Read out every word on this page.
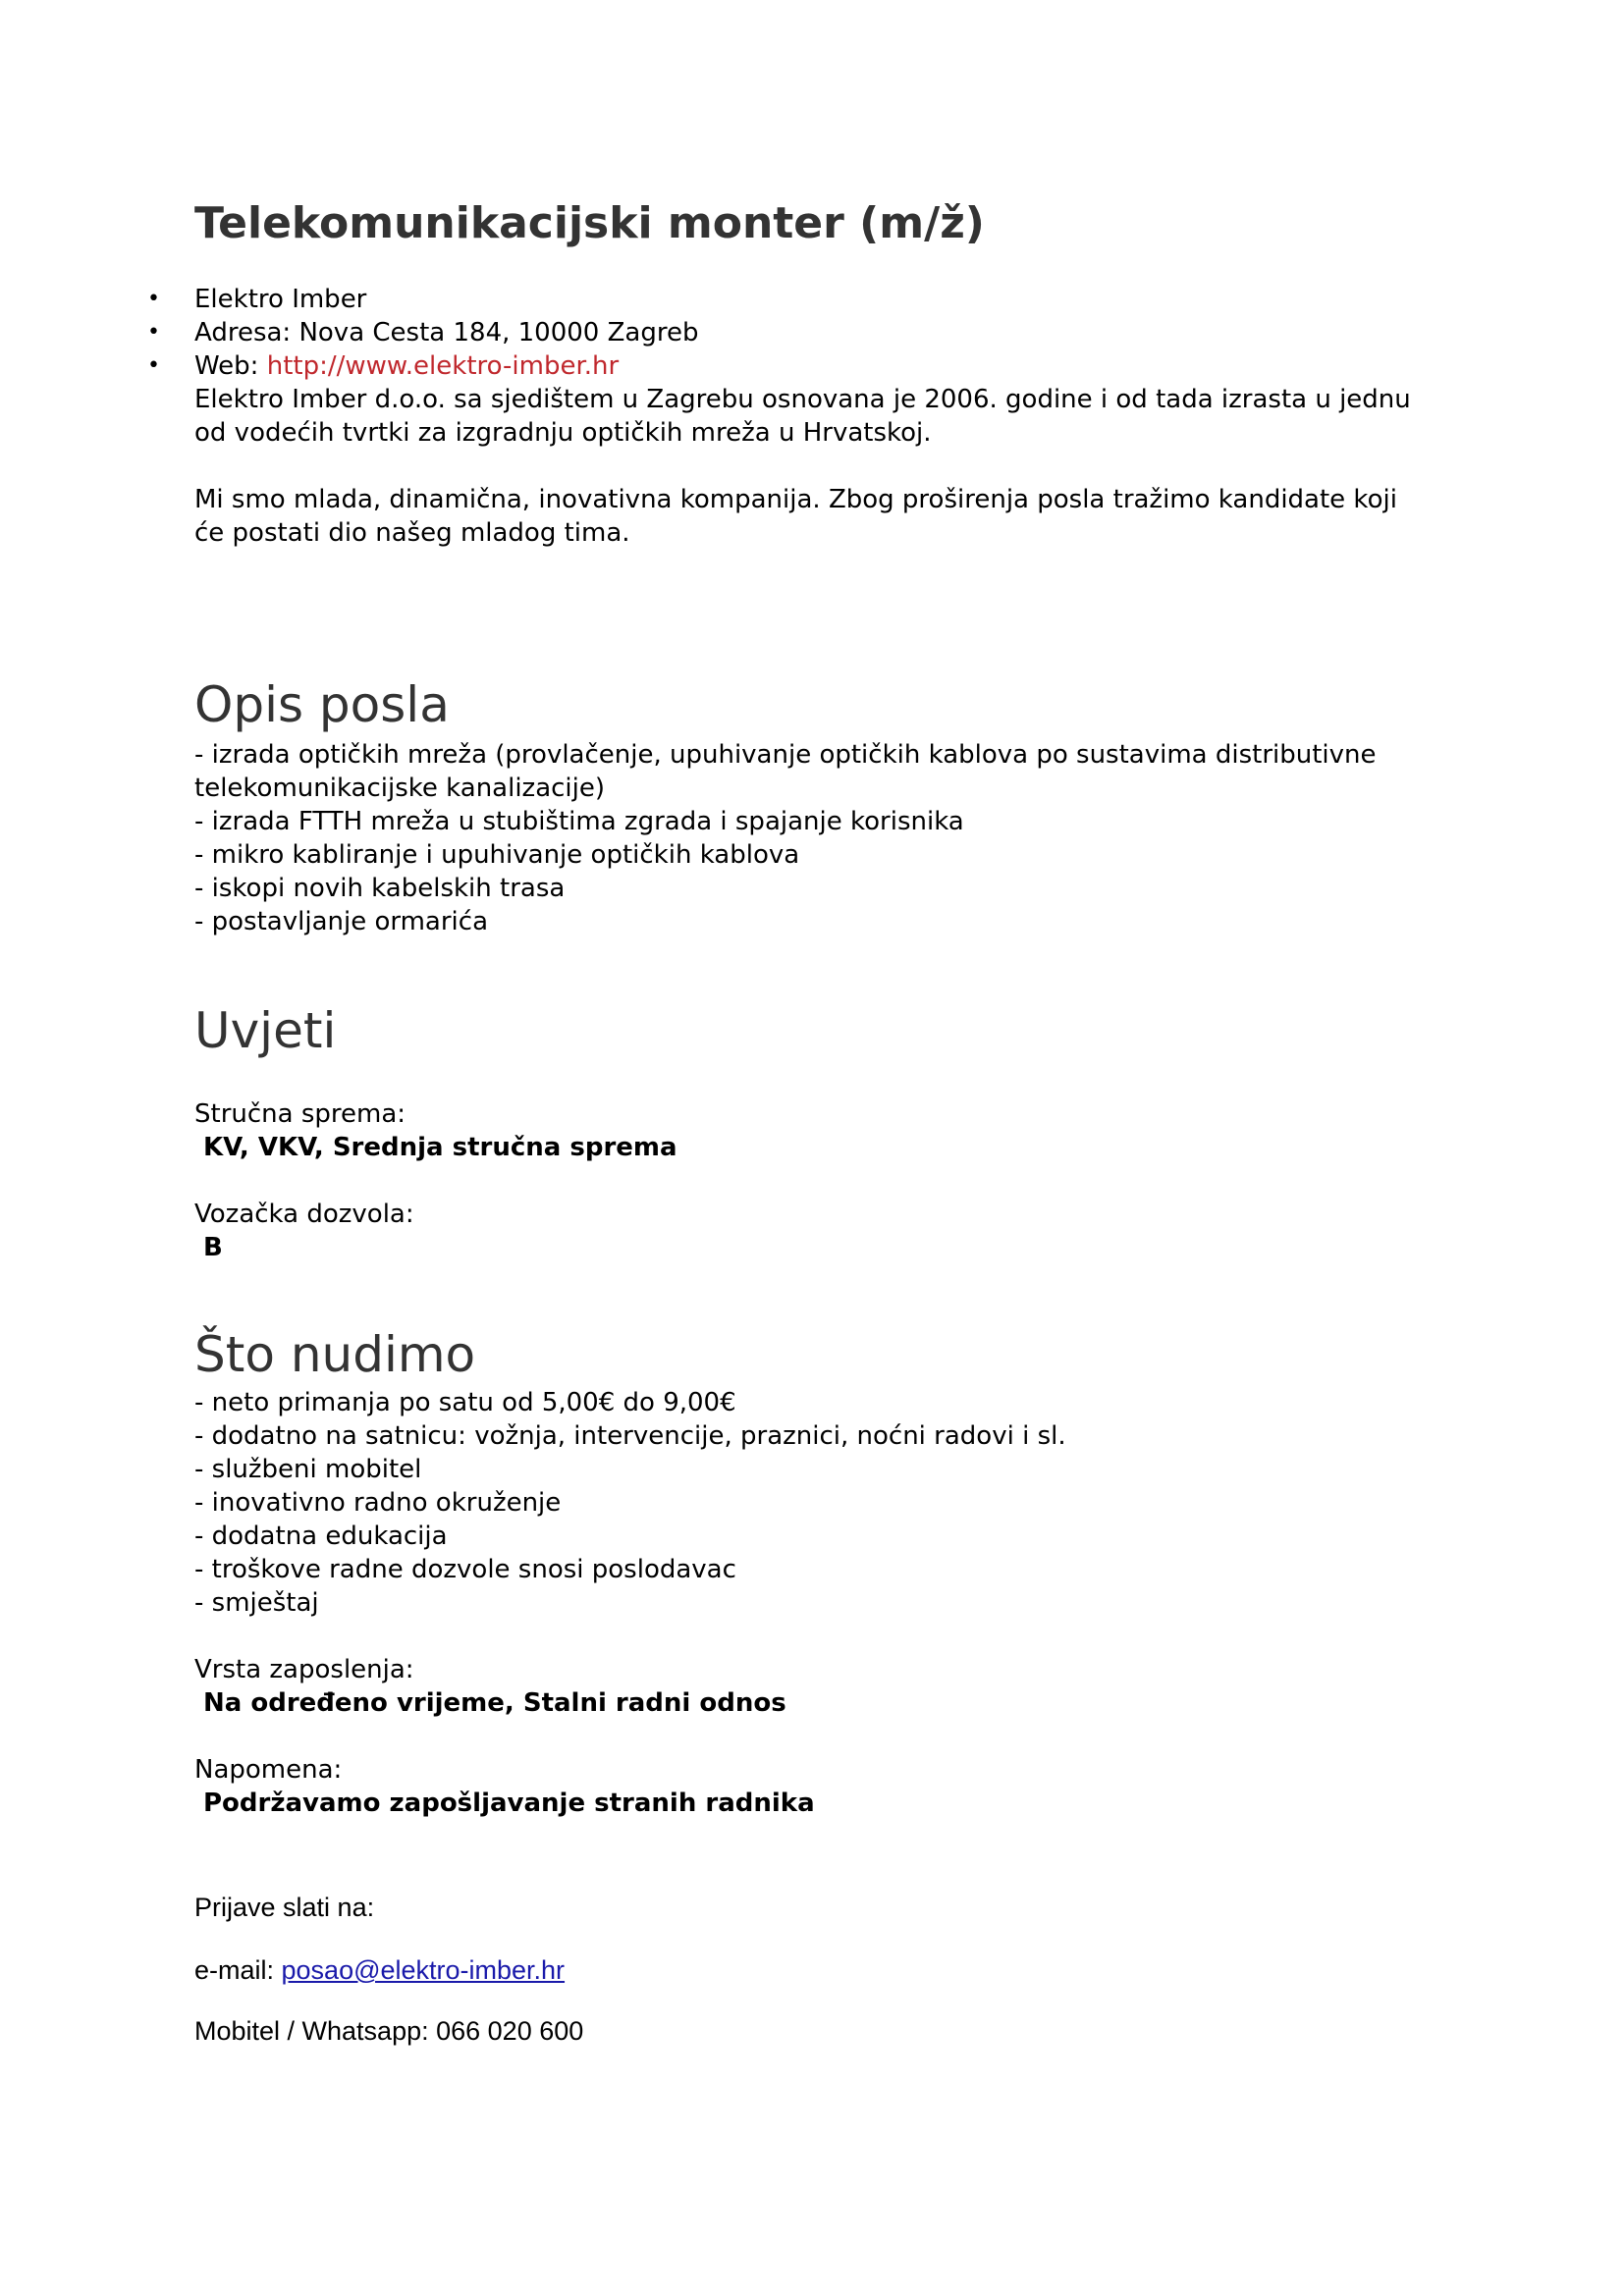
Telekomunikacijski monter (m/ž)
• Elektro Imber
• Adresa: Nova Cesta 184, 10000 Zagreb
• Web: http://www.elektro-imber.hr

Elektro Imber d.o.o. sa sjedištem u Zagrebu osnovana je 2006. godine i od tada izrasta u jednu od vodećih tvrtki za izgradnju optičkih mreža u Hrvatskoj.

Mi smo mlada, dinamična, inovativna kompanija. Zbog proširenja posla tražimo kandidate koji će postati dio našeg mladog tima.

Opis posla
- izrada optičkih mreža (provlačenje, upuhivanje optičkih kablova po sustavima distributivne telekomunikacijske kanalizacije)
- izrada FTTH mreža u stubištima zgrada i spajanje korisnika
- mikro kabliranje i upuhivanje optičkih kablova
- iskopi novih kabelskih trasa
- postavljanje ormarića
Uvjeti
Stručna sprema:
KV, VKV, Srednja stručna sprema
Vozačka dozvola:
B
Što nudimo
- neto primanja po satu od 5,00€ do 9,00€
- dodatno na satnicu: vožnja, intervencije, praznici, noćni radovi i sl.
- službeni mobitel
- inovativno radno okruženje
- dodatna edukacija
- troškove radne dozvole snosi poslodavac
- smještaj
Vrsta zaposlenja:
Na određeno vrijeme, Stalni radni odnos
Napomena:
Podržavamo zapošljavanje stranih radnika
Prijave slati na:
e-mail: posao@elektro-imber.hr
Mobitel / Whatsapp: 066 020 600
